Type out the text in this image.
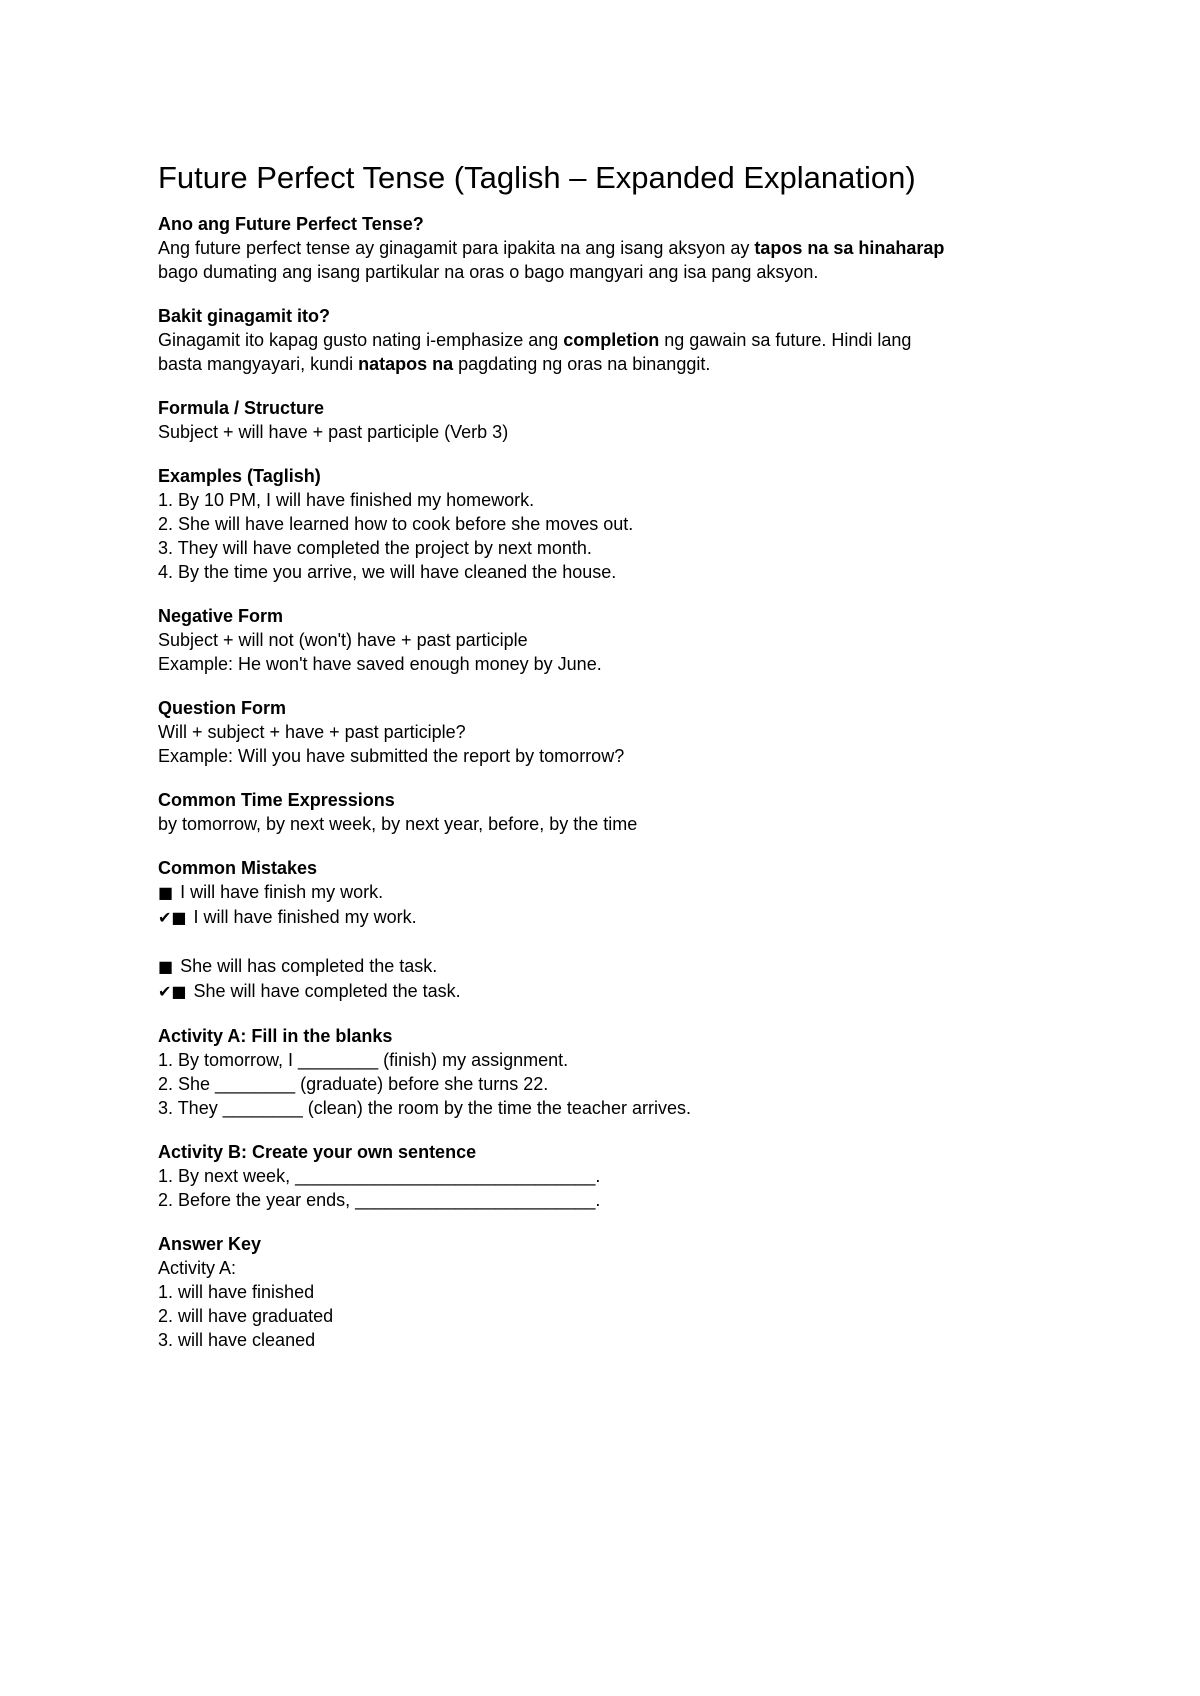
Future Perfect Tense (Taglish – Expanded Explanation)
Ano ang Future Perfect Tense?
Ang future perfect tense ay ginagamit para ipakita na ang isang aksyon ay tapos na sa hinaharap
bago dumating ang isang partikular na oras o bago mangyari ang isa pang aksyon.
Bakit ginagamit ito?
Ginagamit ito kapag gusto nating i-emphasize ang completion ng gawain sa future. Hindi lang
basta mangyayari, kundi natapos na pagdating ng oras na binanggit.
Formula / Structure
Subject + will have + past participle (Verb 3)
Examples (Taglish)
1. By 10 PM, I will have finished my homework.
2. She will have learned how to cook before she moves out.
3. They will have completed the project by next month.
4. By the time you arrive, we will have cleaned the house.
Negative Form
Subject + will not (won't) have + past participle
Example: He won't have saved enough money by June.
Question Form
Will + subject + have + past participle?
Example: Will you have submitted the report by tomorrow?
Common Time Expressions
by tomorrow, by next week, by next year, before, by the time
Common Mistakes
■ I will have finish my work.
✔■ I will have finished my work.
■ She will has completed the task.
✔■ She will have completed the task.
Activity A: Fill in the blanks
1. By tomorrow, I ________ (finish) my assignment.
2. She ________ (graduate) before she turns 22.
3. They ________ (clean) the room by the time the teacher arrives.
Activity B: Create your own sentence
1. By next week, ______________________________.
2. Before the year ends, ________________________.
Answer Key
Activity A:
1. will have finished
2. will have graduated
3. will have cleaned
